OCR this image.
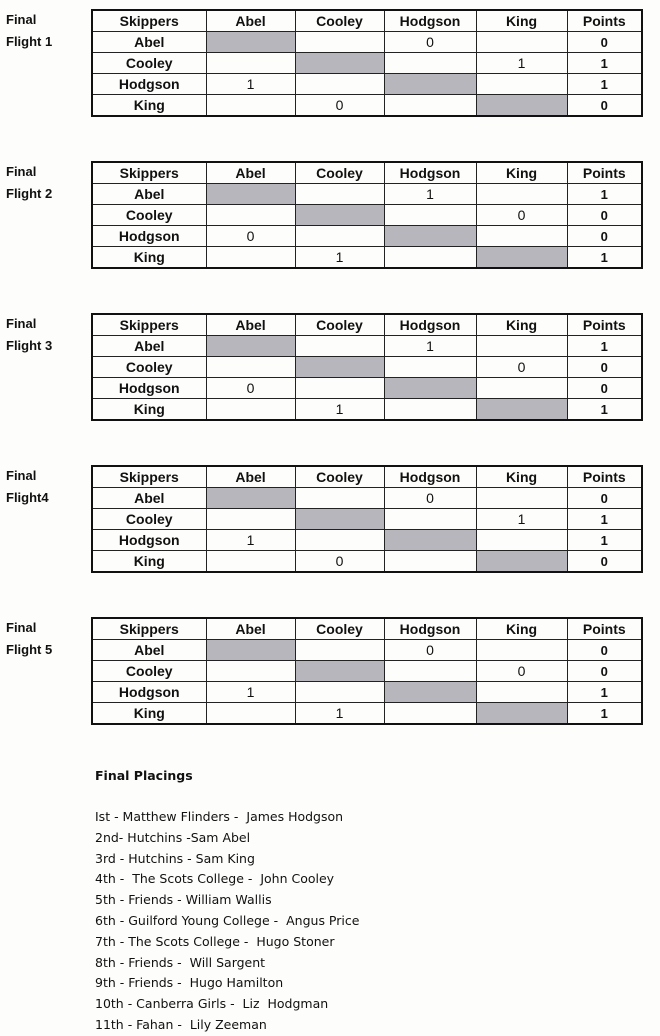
Final
Flight 1
Skippers	Abel	Cooley	Hodgson	King	Points
Abel			0		0
Cooley				1	1
Hodgson	1				1
King		0			0
Final
Flight 2
Skippers	Abel	Cooley	Hodgson	King	Points
Abel			1		1
Cooley				0	0
Hodgson	0				0
King		1			1
Final
Flight 3
Skippers	Abel	Cooley	Hodgson	King	Points
Abel			1		1
Cooley				0	0
Hodgson	0				0
King		1			1
Final
Flight4
Skippers	Abel	Cooley	Hodgson	King	Points
Abel			0		0
Cooley				1	1
Hodgson	1				1
King		0			0
Final
Flight 5
Skippers	Abel	Cooley	Hodgson	King	Points
Abel			0		0
Cooley				0	0
Hodgson	1				1
King		1			1
Final Placings
Ist - Matthew Flinders -  James Hodgson
2nd- Hutchins -Sam Abel
3rd - Hutchins - Sam King
4th -  The Scots College -  John Cooley
5th - Friends - William Wallis
6th - Guilford Young College -  Angus Price
7th - The Scots College -  Hugo Stoner
8th - Friends -  Will Sargent
9th - Friends -  Hugo Hamilton
10th - Canberra Girls -  Liz  Hodgman
11th - Fahan -  Lily Zeeman
